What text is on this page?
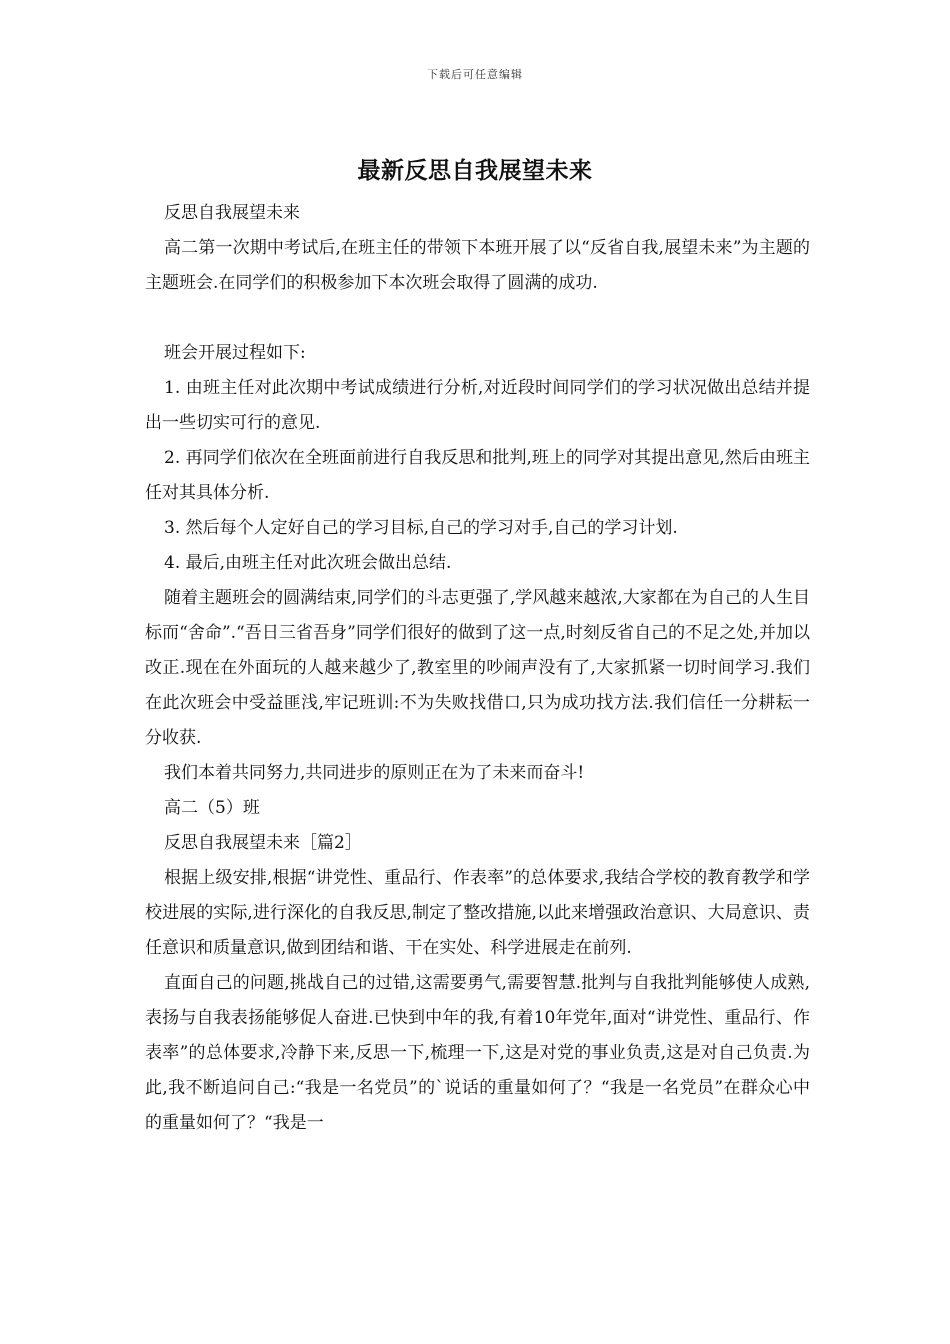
下载后可任意编辑
最新反思自我展望未来

反思自我展望未来

高二第一次期中考试后,在班主任的带领下本班开展了以“反省自我,展望未来”为主题的主题班会.在同学们的积极参加下本次班会取得了圆满的成功.

班会开展过程如下:

1. 由班主任对此次期中考试成绩进行分析,对近段时间同学们的学习状况做出总结并提出一些切实可行的意见.

2. 再同学们依次在全班面前进行自我反思和批判,班上的同学对其提出意见,然后由班主任对其具体分析.

3. 然后每个人定好自己的学习目标,自己的学习对手,自己的学习计划.

4. 最后,由班主任对此次班会做出总结.

随着主题班会的圆满结束,同学们的斗志更强了,学风越来越浓,大家都在为自己的人生目标而“舍命”.“吾日三省吾身”同学们很好的做到了这一点,时刻反省自己的不足之处,并加以改正.现在在外面玩的人越来越少了,教室里的吵闹声没有了,大家抓紧一切时间学习.我们在此次班会中受益匪浅,牢记班训:不为失败找借口,只为成功找方法.我们信任一分耕耘一分收获.

我们本着共同努力,共同进步的原则正在为了未来而奋斗!

高二（5）班

反思自我展望未来［篇2］

根据上级安排,根据“讲党性、重品行、作表率”的总体要求,我结合学校的教育教学和学校进展的实际,进行深化的自我反思,制定了整改措施,以此来增强政治意识、大局意识、责任意识和质量意识,做到团结和谐、干在实处、科学进展走在前列.

直面自己的问题,挑战自己的过错,这需要勇气,需要智慧.批判与自我批判能够使人成熟,表扬与自我表扬能够促人奋进.已快到中年的我,有着10年党年,面对“讲党性、重品行、作表率”的总体要求,冷静下来,反思一下,梳理一下,这是对党的事业负责,这是对自己负责.为此,我不断追问自己:“我是一名党员”的`说话的重量如何了？“我是一名党员”在群众心中的重量如何了？“我是一
